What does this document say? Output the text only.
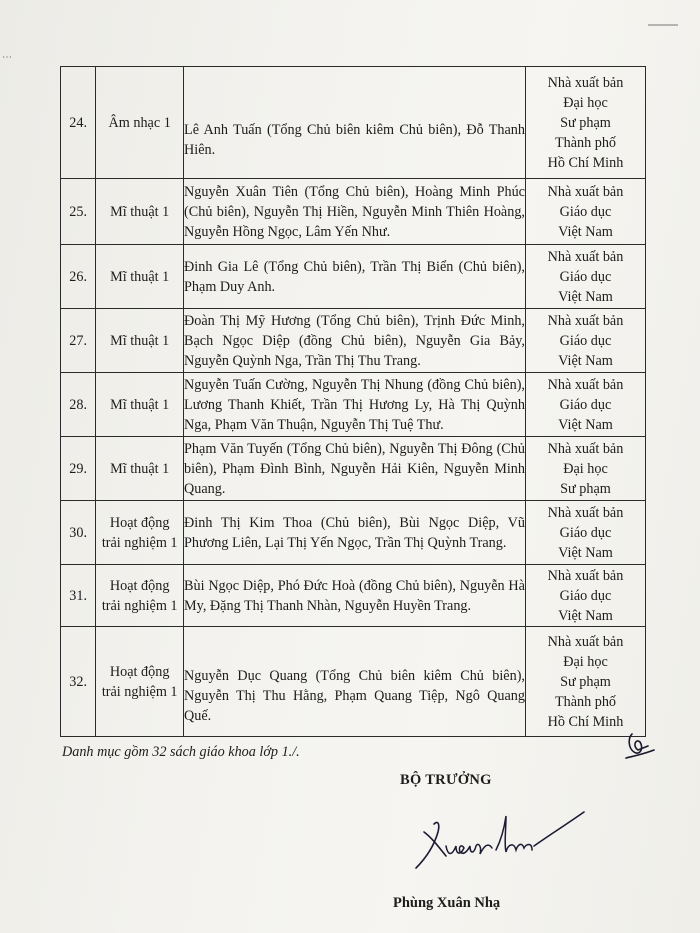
⋯
24.	Âm nhạc 1	Lê Anh Tuấn (Tổng Chủ biên kiêm Chủ biên), Đỗ Thanh Hiên.	Nhà xuất bản
Đại học
Sư phạm
Thành phố
Hồ Chí Minh

25.	Mĩ thuật 1	Nguyễn Xuân Tiên (Tổng Chủ biên), Hoàng Minh Phúc (Chủ biên), Nguyễn Thị Hiền, Nguyễn Minh Thiên Hoàng, Nguyễn Hồng Ngọc, Lâm Yến Như.	Nhà xuất bản
Giáo dục
Việt Nam

26.	Mĩ thuật 1	Đinh Gia Lê (Tổng Chủ biên), Trần Thị Biển (Chủ biên), Phạm Duy Anh.	Nhà xuất bản
Giáo dục
Việt Nam

27.	Mĩ thuật 1	Đoàn Thị Mỹ Hương (Tổng Chủ biên), Trịnh Đức Minh, Bạch Ngọc Diệp (đồng Chủ biên), Nguyễn Gia Bảy, Nguyễn Quỳnh Nga, Trần Thị Thu Trang.	Nhà xuất bản
Giáo dục
Việt Nam

28.	Mĩ thuật 1	Nguyễn Tuấn Cường, Nguyễn Thị Nhung (đồng Chủ biên), Lương Thanh Khiết, Trần Thị Hương Ly, Hà Thị Quỳnh Nga, Phạm Văn Thuận, Nguyễn Thị Tuệ Thư.	Nhà xuất bản
Giáo dục
Việt Nam

29.	Mĩ thuật 1	Phạm Văn Tuyến (Tổng Chủ biên), Nguyễn Thị Đông (Chủ biên), Phạm Đình Bình, Nguyễn Hải Kiên, Nguyễn Minh Quang.	Nhà xuất bản
Đại học
Sư phạm

30.	Hoạt động
trải nghiệm 1	Đinh Thị Kim Thoa (Chủ biên), Bùi Ngọc Diệp, Vũ Phương Liên, Lại Thị Yến Ngọc, Trần Thị Quỳnh Trang.	Nhà xuất bản
Giáo dục
Việt Nam

31.	Hoạt động
trải nghiệm 1	Bùi Ngọc Diệp, Phó Đức Hoà (đồng Chủ biên), Nguyễn Hà My, Đặng Thị Thanh Nhàn, Nguyễn Huyền Trang.	Nhà xuất bản
Giáo dục
Việt Nam

32.	Hoạt động
trải nghiệm 1	Nguyễn Dục Quang (Tổng Chủ biên kiêm Chủ biên), Nguyễn Thị Thu Hằng, Phạm Quang Tiệp, Ngô Quang Quế.	Nhà xuất bản
Đại học
Sư phạm
Thành phố
Hồ Chí Minh
Danh mục gồm 32 sách giáo khoa lớp 1./.
BỘ TRƯỞNG
Phùng Xuân Nhạ
